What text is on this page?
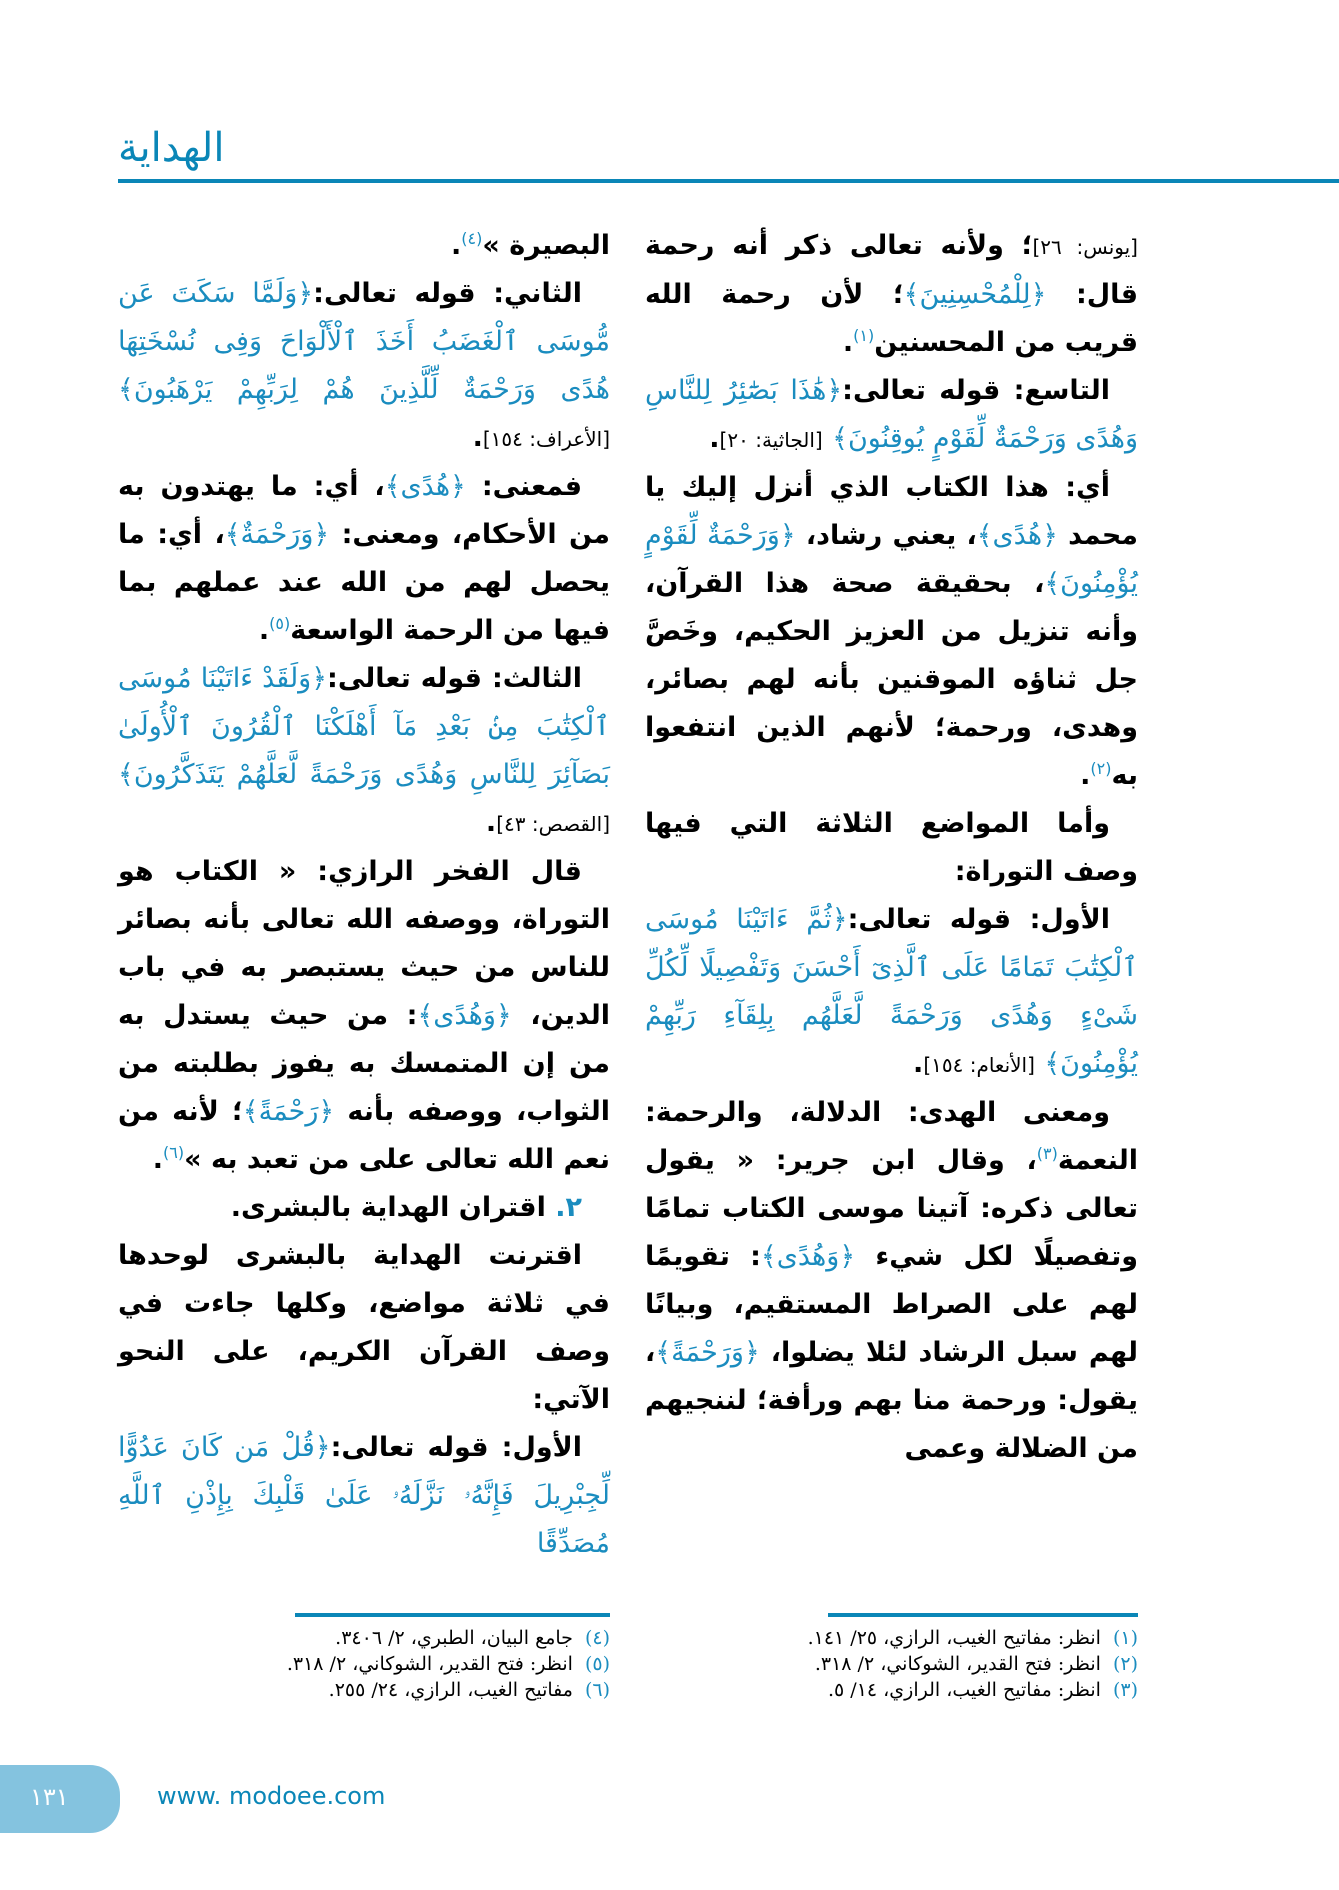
الهداية

[يونس: ٢٦]؛ ولأنه تعالى ذكر أنه رحمة قال: ﴿لِلْمُحْسِنِينَ﴾؛ لأن رحمة الله قريب من المحسنين$^{(١)}$.

التاسع: قوله تعالى:﴿هَٰذَا بَصَٰٓئِرُ لِلنَّاسِ وَهُدًى وَرَحْمَةٌ لِّقَوْمٍ يُوقِنُونَ﴾ [الجاثية: ٢٠].

أي: هذا الكتاب الذي أنزل إليك يا محمد ﴿هُدًى﴾، يعني رشاد، ﴿وَرَحْمَةٌ لِّقَوْمٍ يُؤْمِنُونَ﴾، بحقيقة صحة هذا القرآن، وأنه تنزيل من العزيز الحكيم، وخَصَّ جل ثناؤه الموقنين بأنه لهم بصائر، وهدى، ورحمة؛ لأنهم الذين انتفعوا به$^{(٢)}$.

وأما المواضع الثلاثة التي فيها وصف التوراة:

الأول: قوله تعالى:﴿ثُمَّ ءَاتَيْنَا مُوسَى ٱلْكِتَٰبَ تَمَامًا عَلَى ٱلَّذِىٓ أَحْسَنَ وَتَفْصِيلًا لِّكُلِّ شَىْءٍ وَهُدًى وَرَحْمَةً لَّعَلَّهُم بِلِقَآءِ رَبِّهِمْ يُؤْمِنُونَ﴾ [الأنعام: ١٥٤].

ومعنى الهدى: الدلالة، والرحمة: النعمة$^{(٣)}$، وقال ابن جرير: « يقول تعالى ذكره: آتينا موسى الكتاب تمامًا وتفصيلًا لكل شيء ﴿وَهُدًى﴾: تقويمًا لهم على الصراط المستقيم، وبيانًا لهم سبل الرشاد لئلا يضلوا، ﴿وَرَحْمَةً﴾، يقول: ورحمة منا بهم ورأفة؛ لننجيهم من الضلالة وعمى

البصيرة »$^{(٤)}$.

الثاني: قوله تعالى:﴿وَلَمَّا سَكَتَ عَن مُّوسَى ٱلْغَضَبُ أَخَذَ ٱلْأَلْوَاحَ وَفِى نُسْخَتِهَا هُدًى وَرَحْمَةٌ لِّلَّذِينَ هُمْ لِرَبِّهِمْ يَرْهَبُونَ﴾ [الأعراف: ١٥٤].

فمعنى: ﴿هُدًى﴾، أي: ما يهتدون به من الأحكام، ومعنى: ﴿وَرَحْمَةٌ﴾، أي: ما يحصل لهم من الله عند عملهم بما فيها من الرحمة الواسعة$^{(٥)}$.

الثالث: قوله تعالى:﴿وَلَقَدْ ءَاتَيْنَا مُوسَى ٱلْكِتَٰبَ مِنۢ بَعْدِ مَآ أَهْلَكْنَا ٱلْقُرُونَ ٱلْأُولَىٰ بَصَآئِرَ لِلنَّاسِ وَهُدًى وَرَحْمَةً لَّعَلَّهُمْ يَتَذَكَّرُونَ﴾ [القصص: ٤٣].

قال الفخر الرازي: « الكتاب هو التوراة، ووصفه الله تعالى بأنه بصائر للناس من حيث يستبصر به في باب الدين، ﴿وَهُدًى﴾: من حيث يستدل به من إن المتمسك به يفوز بطلبته من الثواب، ووصفه بأنه ﴿رَحْمَةً﴾؛ لأنه من نعم الله تعالى على من تعبد به »$^{(٦)}$.

٢. اقتران الهداية بالبشرى.

اقترنت الهداية بالبشرى لوحدها في ثلاثة مواضع، وكلها جاءت في وصف القرآن الكريم، على النحو الآتي:

الأول: قوله تعالى:﴿قُلْ مَن كَانَ عَدُوًّا لِّجِبْرِيلَ فَإِنَّهُۥ نَزَّلَهُۥ عَلَىٰ قَلْبِكَ بِإِذْنِ ٱللَّهِ مُصَدِّقًا

(١)انظر: مفاتيح الغيب، الرازي، ٢٥/ ١٤١.
(٢)انظر: فتح القدير، الشوكاني، ٢/ ٣١٨.
(٣)انظر: مفاتيح الغيب، الرازي، ١٤/ ٥.
(٤)جامع البيان، الطبري، ٢/ ٣٤٠٦.
(٥)انظر: فتح القدير، الشوكاني، ٢/ ٣١٨.
(٦)مفاتيح الغيب، الرازي، ٢٤/ ٢٥٥.
١٣١	www. modoee.com
